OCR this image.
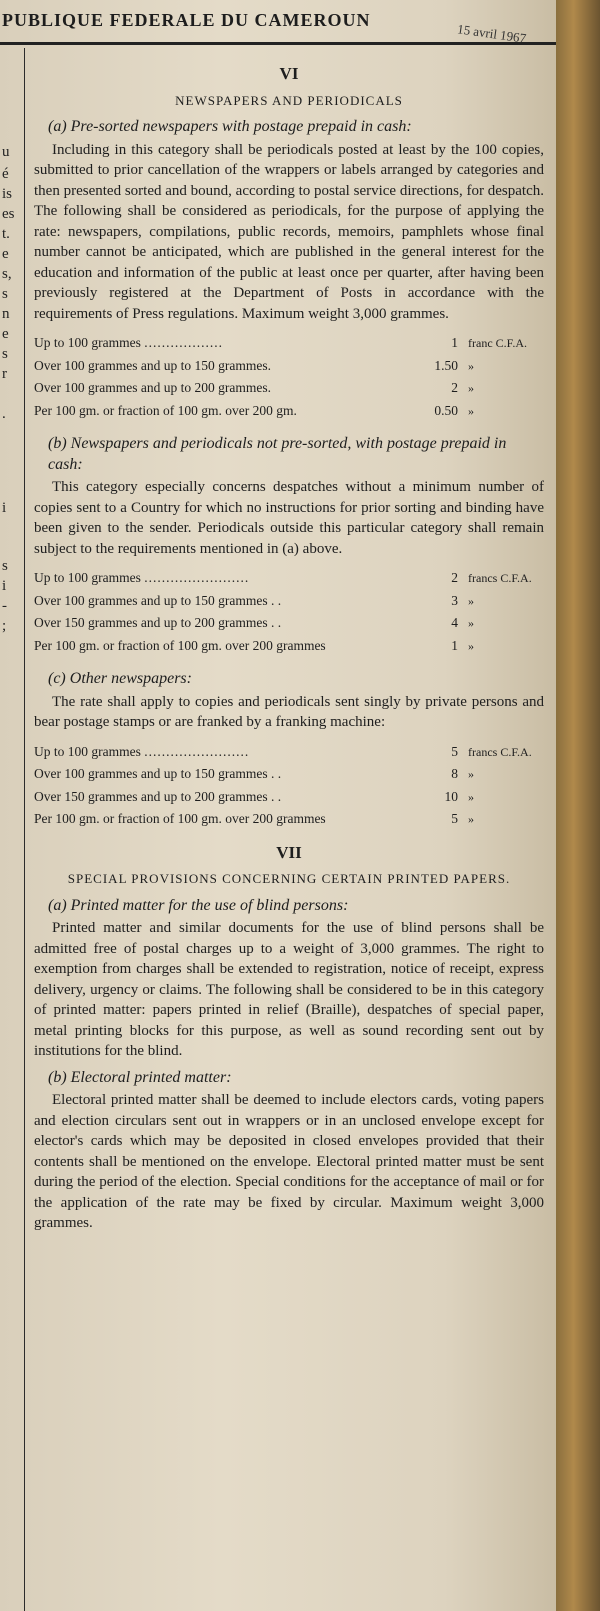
PUBLIQUE FEDERALE DU CAMEROUN
15 avril 1967
u
é
is
es
t.
e
s,
s
n
e
s
r
.
i
s
i
-
;
VI
NEWSPAPERS AND PERIODICALS
(a) Pre-sorted newspapers with postage prepaid in cash:
Including in this category shall be periodicals posted at least by the 100 copies, submitted to prior cancellation of the wrappers or labels arranged by categories and then presented sorted and bound, according to postal service directions, for despatch. The following shall be considered as periodicals, for the purpose of applying the rate: newspapers, compilations, public records, memoirs, pamphlets whose final number cannot be anticipated, which are published in the general interest for the education and information of the public at least once per quarter, after having been previously registered at the Department of Posts in accordance with the requirements of Press regulations. Maximum weight 3,000 grammes.
Up to 100 grammes ..................	1	franc C.F.A.
Over 100 grammes and up to 150 grammes.	1.50	»
Over 100 grammes and up to 200 grammes.	2	»
Per 100 gm. or fraction of 100 gm. over 200 gm.	0.50	»
(b) Newspapers and periodicals not pre-sorted, with postage prepaid in cash:
This category especially concerns despatches without a minimum number of copies sent to a Country for which no instructions for prior sorting and binding have been given to the sender. Periodicals outside this particular category shall remain subject to the requirements mentioned in (a) above.
Up to 100 grammes ........................	2	francs C.F.A.
Over 100 grammes and up to 150 grammes . .	3	»
Over 150 grammes and up to 200 grammes . .	4	»
Per 100 gm. or fraction of 100 gm. over 200 grammes	1	»
(c) Other newspapers:
The rate shall apply to copies and periodicals sent singly by private persons and bear postage stamps or are franked by a franking machine:
Up to 100 grammes ........................	5	francs C.F.A.
Over 100 grammes and up to 150 grammes . .	8	»
Over 150 grammes and up to 200 grammes . .	10	»
Per 100 gm. or fraction of 100 gm. over 200 grammes	5	»
VII
SPECIAL PROVISIONS CONCERNING CERTAIN PRINTED PAPERS.
(a) Printed matter for the use of blind persons:
Printed matter and similar documents for the use of blind persons shall be admitted free of postal charges up to a weight of 3,000 grammes. The right to exemption from charges shall be extended to registration, notice of receipt, express delivery, urgency or claims. The following shall be considered to be in this category of printed matter: papers printed in relief (Braille), despatches of special paper, metal printing blocks for this purpose, as well as sound recording sent out by institutions for the blind.
(b) Electoral printed matter:
Electoral printed matter shall be deemed to include electors cards, voting papers and election circulars sent out in wrappers or in an unclosed envelope except for elector's cards which may be deposited in closed envelopes provided that their contents shall be mentioned on the envelope. Electoral printed matter must be sent during the period of the election. Special conditions for the acceptance of mail or for the application of the rate may be fixed by circular. Maximum weight 3,000 grammes.
